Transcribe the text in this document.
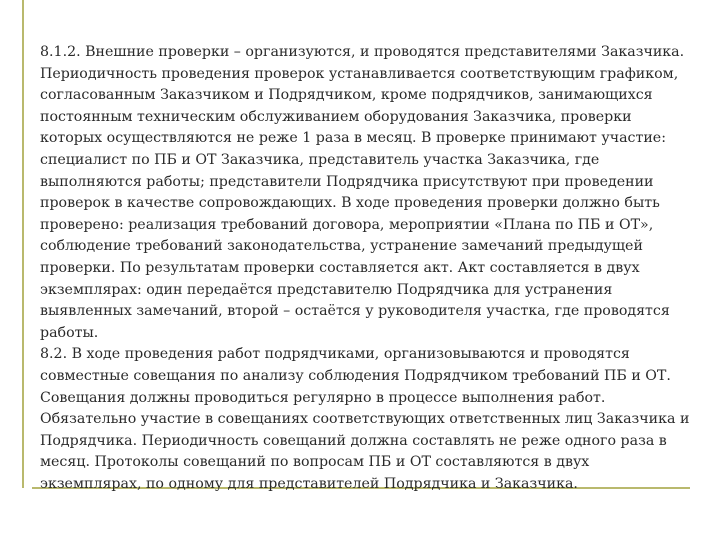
8.1.2. Внешние проверки – организуются, и проводятся представителями Заказчика. Периодичность проведения проверок устанавливается соответствующим графиком, согласованным Заказчиком и Подрядчиком, кроме подрядчиков, занимающихся постоянным техническим обслуживанием оборудования Заказчика, проверки которых осуществляются не реже 1 раза в месяц. В проверке принимают участие: специалист по ПБ и ОТ Заказчика, представитель участка Заказчика, где выполняются работы; представители Подрядчика присутствуют при проведении проверок в качестве сопровождающих. В ходе проведения проверки должно быть проверено: реализация требований договора, мероприятии «Плана по ПБ и ОТ», соблюдение требований законодательства, устранение замечаний предыдущей проверки. По результатам проверки составляется акт. Акт составляется в двух экземплярах: один передаётся представителю Подрядчика для устранения выявленных замечаний, второй – остаётся у руководителя участка, где проводятся работы.

8.2. В ходе проведения работ подрядчиками, организовываются и проводятся совместные совещания по анализу соблюдения Подрядчиком требований ПБ и ОТ. Совещания должны проводиться регулярно в процессе выполнения работ. Обязательно участие в совещаниях соответствующих ответственных лиц Заказчика и Подрядчика. Периодичность совещаний должна составлять не реже одного раза в месяц. Протоколы совещаний по вопросам ПБ и ОТ составляются в двух экземплярах, по одному для представителей Подрядчика и Заказчика.
